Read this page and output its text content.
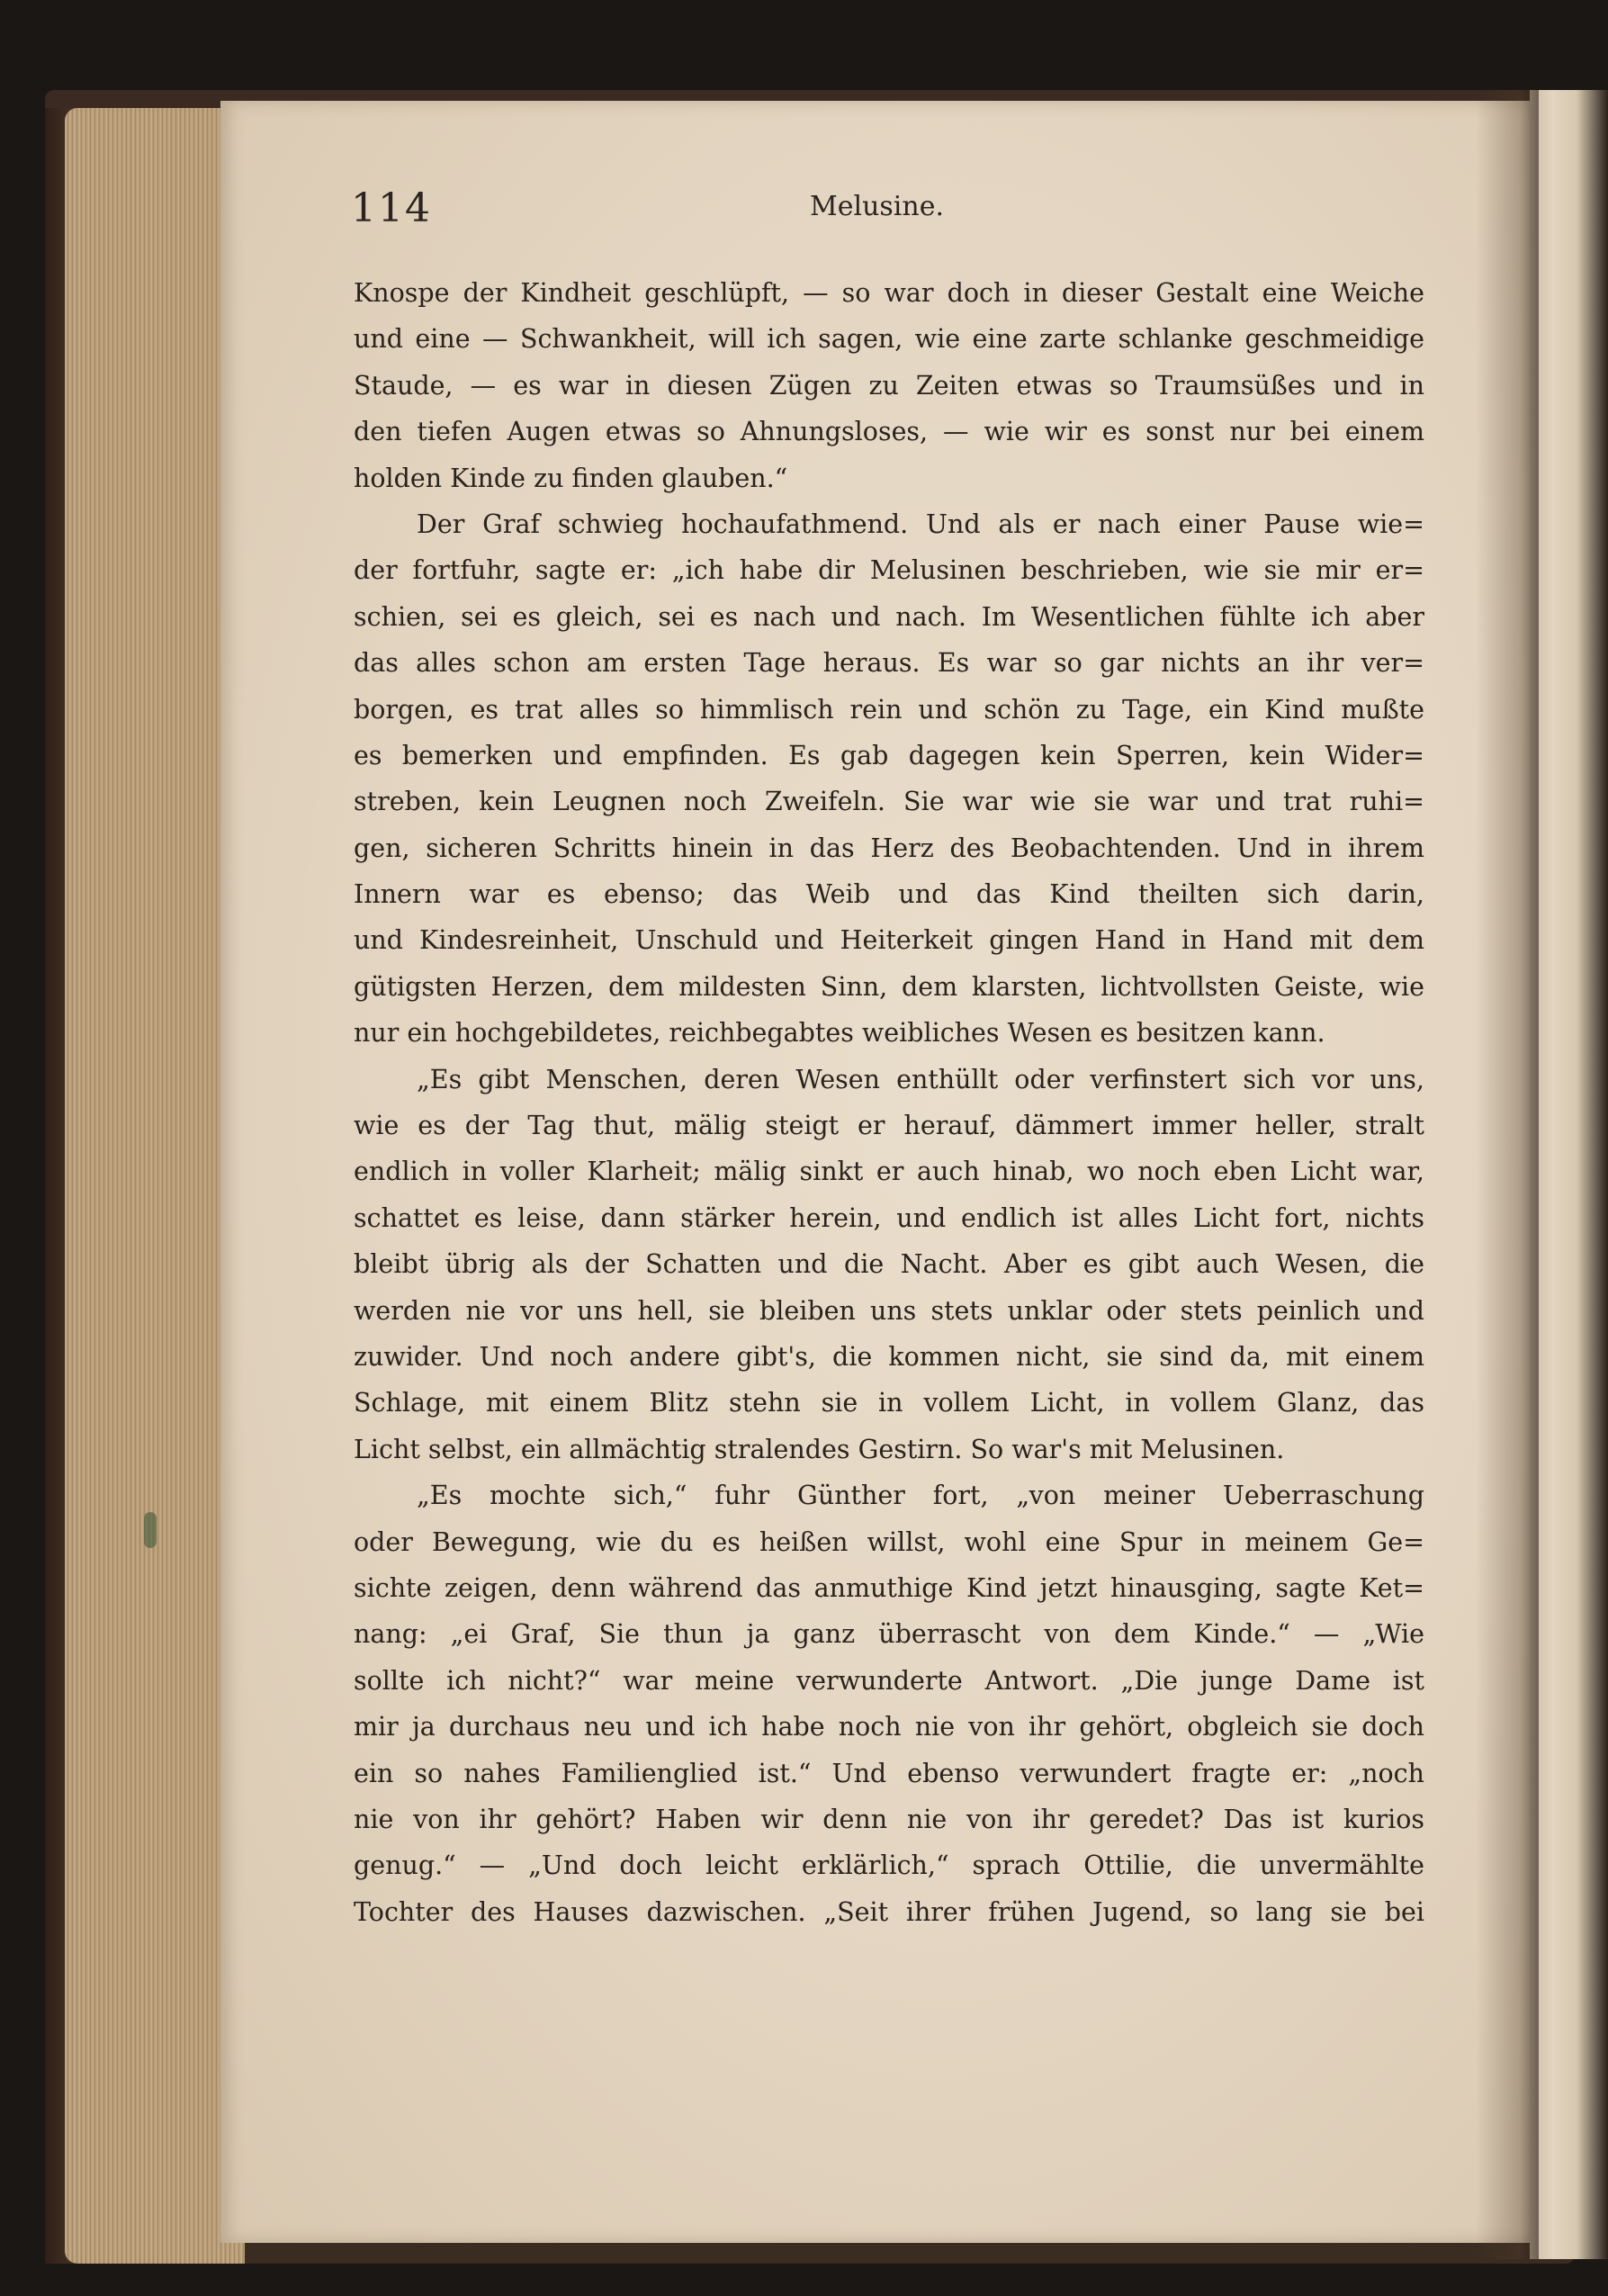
114	Melusine.
Knospe der Kindheit geschlüpft, — so war doch in dieser Gestalt eine Weiche
und eine — Schwankheit, will ich sagen, wie eine zarte schlanke geschmeidige
Staude, — es war in diesen Zügen zu Zeiten etwas so Traumsüßes und in
den tiefen Augen etwas so Ahnungsloses, — wie wir es sonst nur bei einem
holden Kinde zu finden glauben.“
Der Graf schwieg hochaufathmend. Und als er nach einer Pause wie=
der fortfuhr, sagte er: „ich habe dir Melusinen beschrieben, wie sie mir er=
schien, sei es gleich, sei es nach und nach. Im Wesentlichen fühlte ich aber
das alles schon am ersten Tage heraus. Es war so gar nichts an ihr ver=
borgen, es trat alles so himmlisch rein und schön zu Tage, ein Kind mußte
es bemerken und empfinden. Es gab dagegen kein Sperren, kein Wider=
streben, kein Leugnen noch Zweifeln. Sie war wie sie war und trat ruhi=
gen, sicheren Schritts hinein in das Herz des Beobachtenden. Und in ihrem
Innern war es ebenso; das Weib und das Kind theilten sich darin,
und Kindesreinheit, Unschuld und Heiterkeit gingen Hand in Hand mit dem
gütigsten Herzen, dem mildesten Sinn, dem klarsten, lichtvollsten Geiste, wie
nur ein hochgebildetes, reichbegabtes weibliches Wesen es besitzen kann.
„Es gibt Menschen, deren Wesen enthüllt oder verfinstert sich vor uns,
wie es der Tag thut, mälig steigt er herauf, dämmert immer heller, stralt
endlich in voller Klarheit; mälig sinkt er auch hinab, wo noch eben Licht war,
schattet es leise, dann stärker herein, und endlich ist alles Licht fort, nichts
bleibt übrig als der Schatten und die Nacht. Aber es gibt auch Wesen, die
werden nie vor uns hell, sie bleiben uns stets unklar oder stets peinlich und
zuwider. Und noch andere gibt's, die kommen nicht, sie sind da, mit einem
Schlage, mit einem Blitz stehn sie in vollem Licht, in vollem Glanz, das
Licht selbst, ein allmächtig stralendes Gestirn. So war's mit Melusinen.
„Es mochte sich,“ fuhr Günther fort, „von meiner Ueberraschung
oder Bewegung, wie du es heißen willst, wohl eine Spur in meinem Ge=
sichte zeigen, denn während das anmuthige Kind jetzt hinausging, sagte Ket=
nang: „ei Graf, Sie thun ja ganz überrascht von dem Kinde.“ — „Wie
sollte ich nicht?“ war meine verwunderte Antwort. „Die junge Dame ist
mir ja durchaus neu und ich habe noch nie von ihr gehört, obgleich sie doch
ein so nahes Familienglied ist.“ Und ebenso verwundert fragte er: „noch
nie von ihr gehört? Haben wir denn nie von ihr geredet? Das ist kurios
genug.“ — „Und doch leicht erklärlich,“ sprach Ottilie, die unvermählte
Tochter des Hauses dazwischen. „Seit ihrer frühen Jugend, so lang sie bei
